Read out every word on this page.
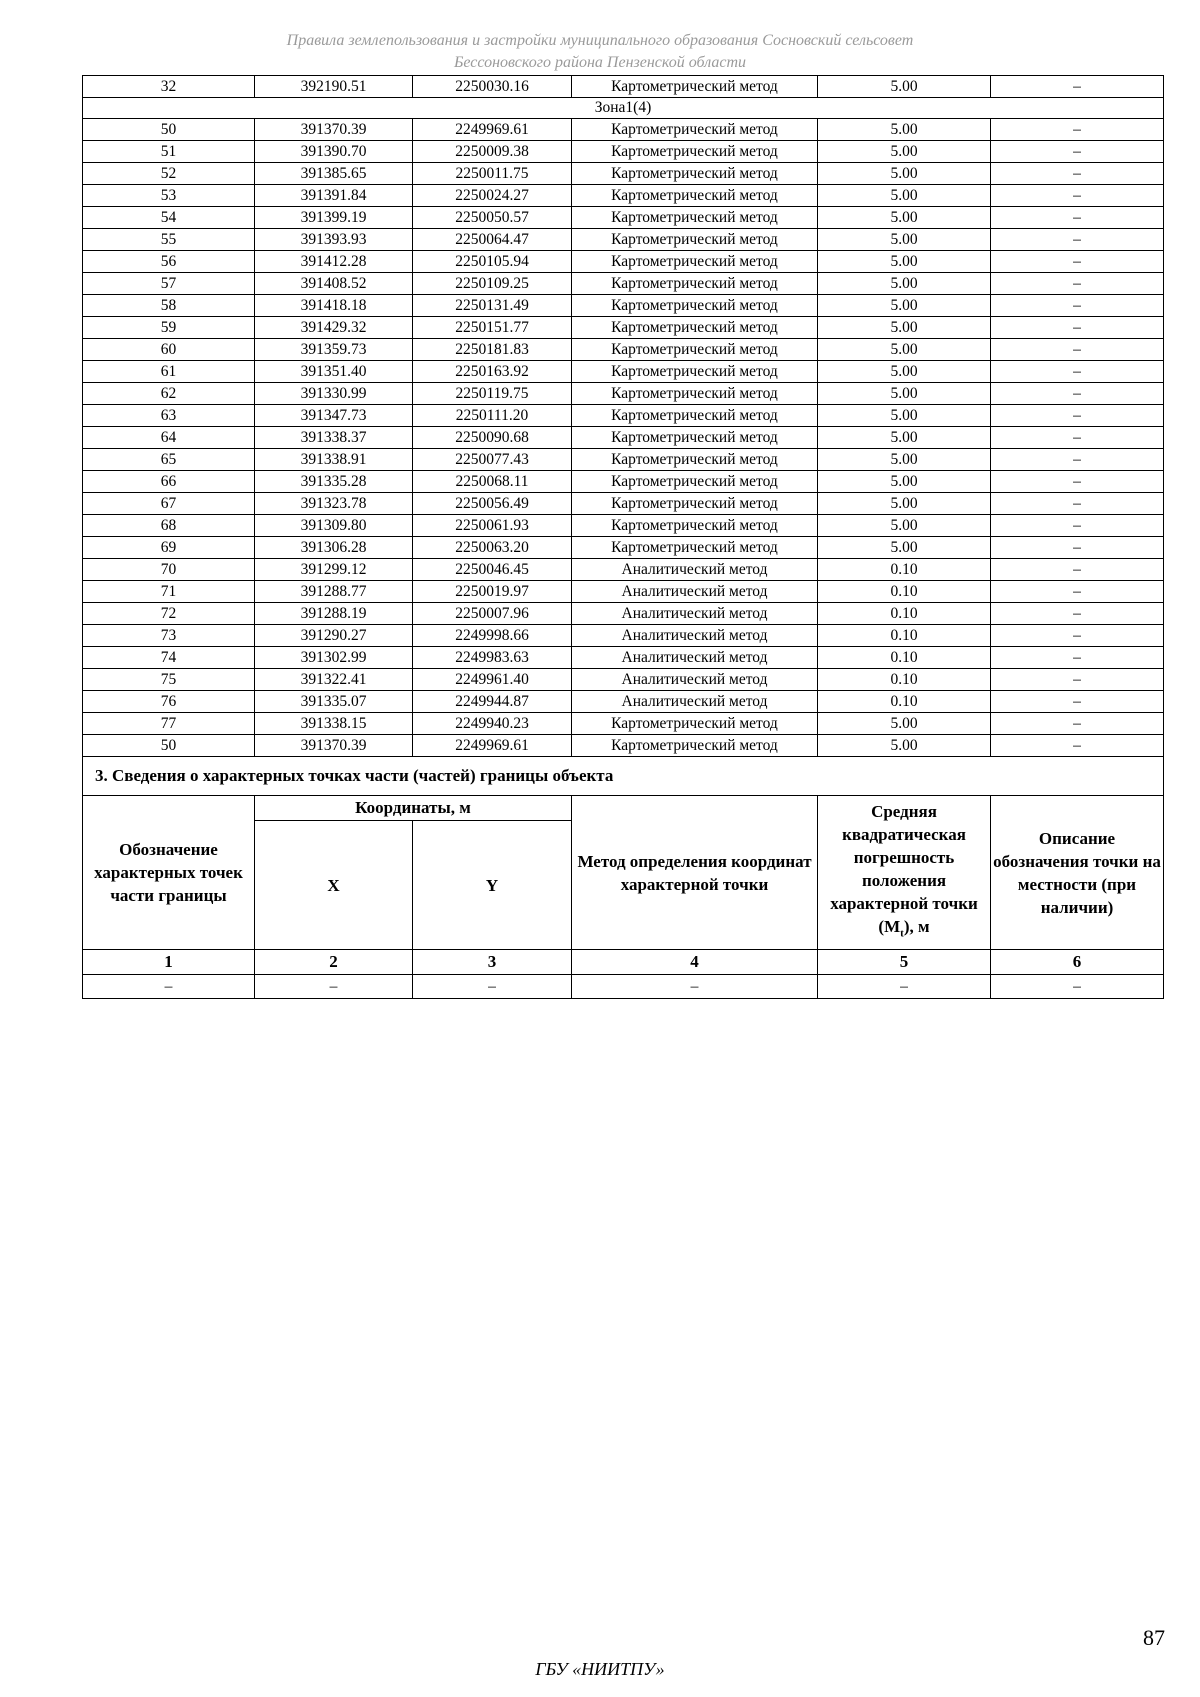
Правила землепользования и застройки муниципального образования Сосновский сельсовет
Бессоновского района Пензенской области
32	392190.51	2250030.16	Картометрический метод	5.00	–
Зона1(4)					
50	391370.39	2249969.61	Картометрический метод	5.00	–
51	391390.70	2250009.38	Картометрический метод	5.00	–
52	391385.65	2250011.75	Картометрический метод	5.00	–
53	391391.84	2250024.27	Картометрический метод	5.00	–
54	391399.19	2250050.57	Картометрический метод	5.00	–
55	391393.93	2250064.47	Картометрический метод	5.00	–
56	391412.28	2250105.94	Картометрический метод	5.00	–
57	391408.52	2250109.25	Картометрический метод	5.00	–
58	391418.18	2250131.49	Картометрический метод	5.00	–
59	391429.32	2250151.77	Картометрический метод	5.00	–
60	391359.73	2250181.83	Картометрический метод	5.00	–
61	391351.40	2250163.92	Картометрический метод	5.00	–
62	391330.99	2250119.75	Картометрический метод	5.00	–
63	391347.73	2250111.20	Картометрический метод	5.00	–
64	391338.37	2250090.68	Картометрический метод	5.00	–
65	391338.91	2250077.43	Картометрический метод	5.00	–
66	391335.28	2250068.11	Картометрический метод	5.00	–
67	391323.78	2250056.49	Картометрический метод	5.00	–
68	391309.80	2250061.93	Картометрический метод	5.00	–
69	391306.28	2250063.20	Картометрический метод	5.00	–
70	391299.12	2250046.45	Аналитический метод	0.10	–
71	391288.77	2250019.97	Аналитический метод	0.10	–
72	391288.19	2250007.96	Аналитический метод	0.10	–
73	391290.27	2249998.66	Аналитический метод	0.10	–
74	391302.99	2249983.63	Аналитический метод	0.10	–
75	391322.41	2249961.40	Аналитический метод	0.10	–
76	391335.07	2249944.87	Аналитический метод	0.10	–
77	391338.15	2249940.23	Картометрический метод	5.00	–
50	391370.39	2249969.61	Картометрический метод	5.00	–
3. Сведения о характерных точках части (частей) границы объекта					
Обозначение характерных точек части границы	Координаты, м		Метод определения координат характерной точки	Средняя квадратическая погрешность положения характерной точки $(M_t)$, м	Описание обозначения точки на местности (при наличии)
	X	Y			
1	2	3	4	5	6
–	–	–	–	–	–
87
ГБУ «НИИТПУ»
